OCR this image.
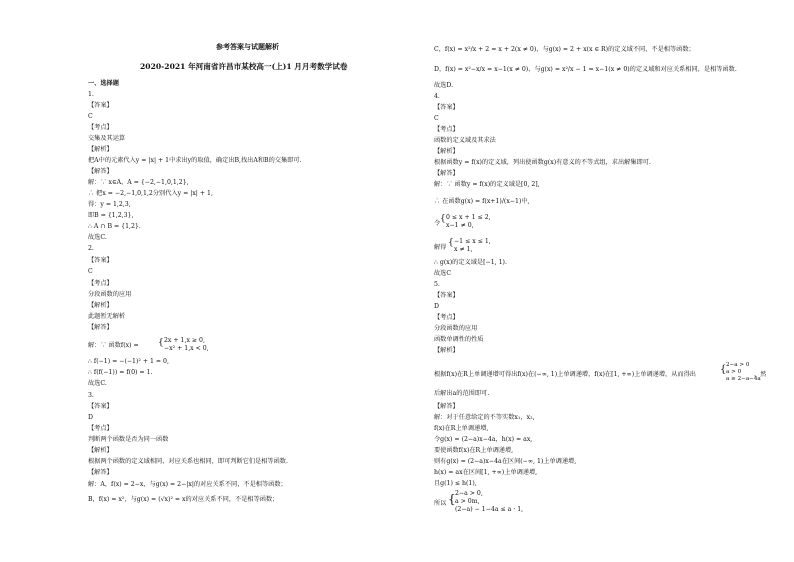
参考答案与试题解析
2020-2021 年河南省许昌市某校高一(上)1 月月考数学试卷
一、选择题
1.
【答案】
C
【考点】
交集及其运算
【解析】
把A中的元素代入y = |x| + 1中求出y的取值，确定出B,找出A和B的交集即可.
【解答】
解：∵ x∈A，A = {−2,−1,0,1,2},
∴ 把x = −2,−1,0,1,2分别代入y = |x| + 1,
得：y = 1,2,3,
即B = {1,2,3},
∴ A ∩ B = {1,2}.
故选C.
2.
【答案】
C
【考点】
分段函数的应用
【解析】
此题暂无解析
【解答】
解：∵ 函数f(x) = { 2x + 1,x ≥ 0,
−x² + 1,x < 0,
∴ f(−1) = −(−1)² + 1 = 0,
∴ f(f(−1)) = f(0) = 1.
故选C.
3.
【答案】
D
【考点】
判断两个函数是否为同一函数
【解析】
根据两个函数的定义域相同，对应关系也相同，即可判断它们是相等函数.
【解答】
解：A，f(x) = 2−x，与g(x) = 2−|x|的对应关系不同，不是相等函数；
B，f(x) = x²，与g(x) = (√x)² = x的对应关系不同，不是相等函数；
C，f(x) = x²/x + 2 = x + 2(x ≠ 0)，与g(x) = 2 + x(x ∈ R)的定义域不同，不是相等函数；
D，f(x) = x²−x/x = x−1(x ≠ 0)，与g(x) = x²/x − 1 = x−1(x ≠ 0)的定义域和对应关系相同，是相等函数.
故选D.
4.
【答案】
C
【考点】
函数的定义域及其求法
【解析】
根据函数y = f(x)的定义域，列出使函数g(x)有意义的不等式组，求出解集即可.
【解答】
解：∵ 函数y = f(x)的定义域是[0, 2],
∴ 在函数g(x) = f(x+1)/(x−1)中,
令 { 0 ≤ x + 1 ≤ 2,
x−1 ≠ 0,
解得 { −1 ≤ x ≤ 1,
x ≠ 1,
∴ g(x)的定义域是[−1, 1).
故选C
5.
【答案】
D
【考点】
分段函数的应用
函数单调性的性质
【解析】
根据f(x)在R上单调递增可得出f(x)在(−∞, 1)上单调递增，f(x)在[1, +∞)上单调递增，从而得出 { 2−a > 0
a > 0
a ≥ 2−a−4a
，然
后解出a的范围即可.
【解答】
解：对于任意给定的不等实数x₁，x₂,
f(x)在R上单调递增,
令g(x) = (2−a)x−4a，h(x) = ax,
要使函数f(x)在R上单调递增,
则有g(x) = (2−a)x−4a在区间(−∞, 1)上单调递增,
h(x) = ax在区间[1, +∞)上单调递增,
且g(1) ≤ h(1),
所以 { 2−a > 0,
a > 0m,
(2−a) − 1−4a ≤ a · 1,
